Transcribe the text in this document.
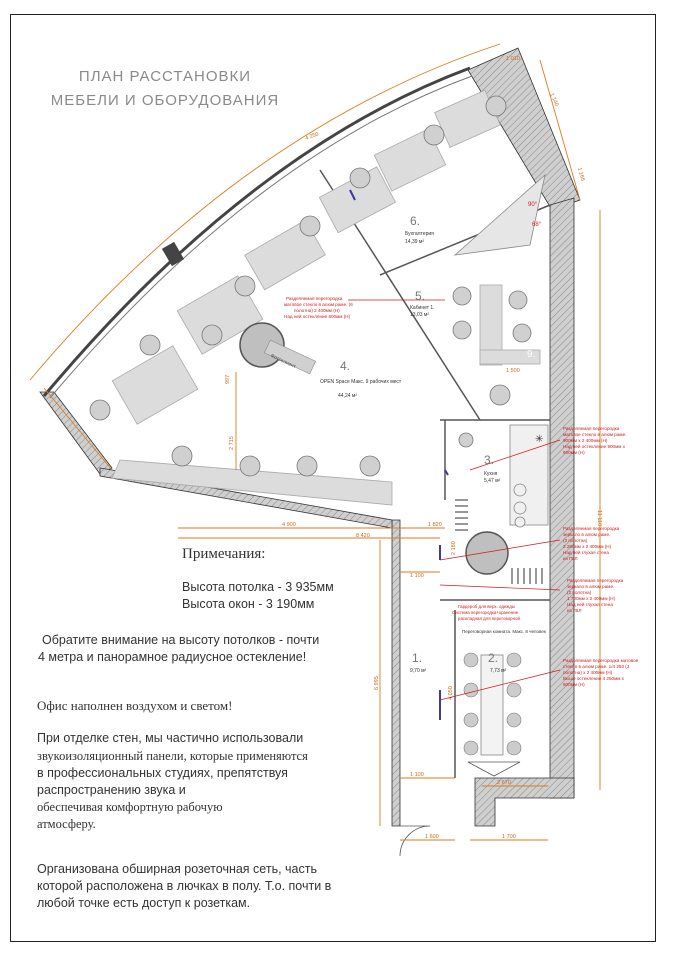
ПЛАН РАССТАНОВКИ
МЕБЕЛИ И ОБОРУДОВАНИЯ
Фотоклиент
✳
4 900
8 420
1 820
1 100
1 100
2 180
2 715
6 995
11 110
4 050
1 600	1 700
1 500
997
2 670
1 010
1 140
1 165
4 250
90°
68°
6.
Бухгалтерия
14,39 м²
5.
Кабинет 1.
13,03 м²
4.
OPEN Space Макс. 9 рабочих мест
44,24 м²
3.
Кухня
5,47 м²
2.
Переговорная комната. Макс. 8 человек
7,73 м²
1.
9,70 м²
9.
Разделяемая перегородка
матовое стекло в алюм раме. (6
полотна) 2 400мм (Н)
Над ней остекление 600мм (Н)
Разделяемая перегородка
матовое стекло в алюм раме.
900мм х 2 400мм (Н)
Над ней остекление 900мм х
600мм (Н)
Разделяемая перегородка
зеркало в алюм раме.
(3 полотна)
3 280мм х 2 400мм (Н)
Над ней глухая стена
из ГВЛ
Разделяемая перегородка
зеркало в алюм раме.
(2 полотна)
1 700мм х 2 400мм (Н)
Над ней глухая стена
из ГВЛ
Разделяемая перегородка матовое
стекло в алюм раме. 1/4 250 (3
полотна) х 2 400мм (Н)
Выше остекление 4 250мм х
600мм (Н)
Гардероб для верх. одежды
Система перегородка+хранение
раскладная для переговорной
Примечания:
Высота потолка - 3 935мм
Высота окон - 3 190мм
Обратите внимание на высоту потолков - почти
4 метра и панорамное радиусное остекление!
Офис наполнен воздухом и светом!
При отделке стен, мы частично использовали
звукоизоляционный панели, которые применяются
в профессиональных студиях, препятствуя
распространению звука и
обеспечивая комфортную рабочую
атмосферу.
Организована обширная розеточная сеть, часть
которой расположена в лючках в полу. Т.о. почти в
любой точке есть доступ к розеткам.
